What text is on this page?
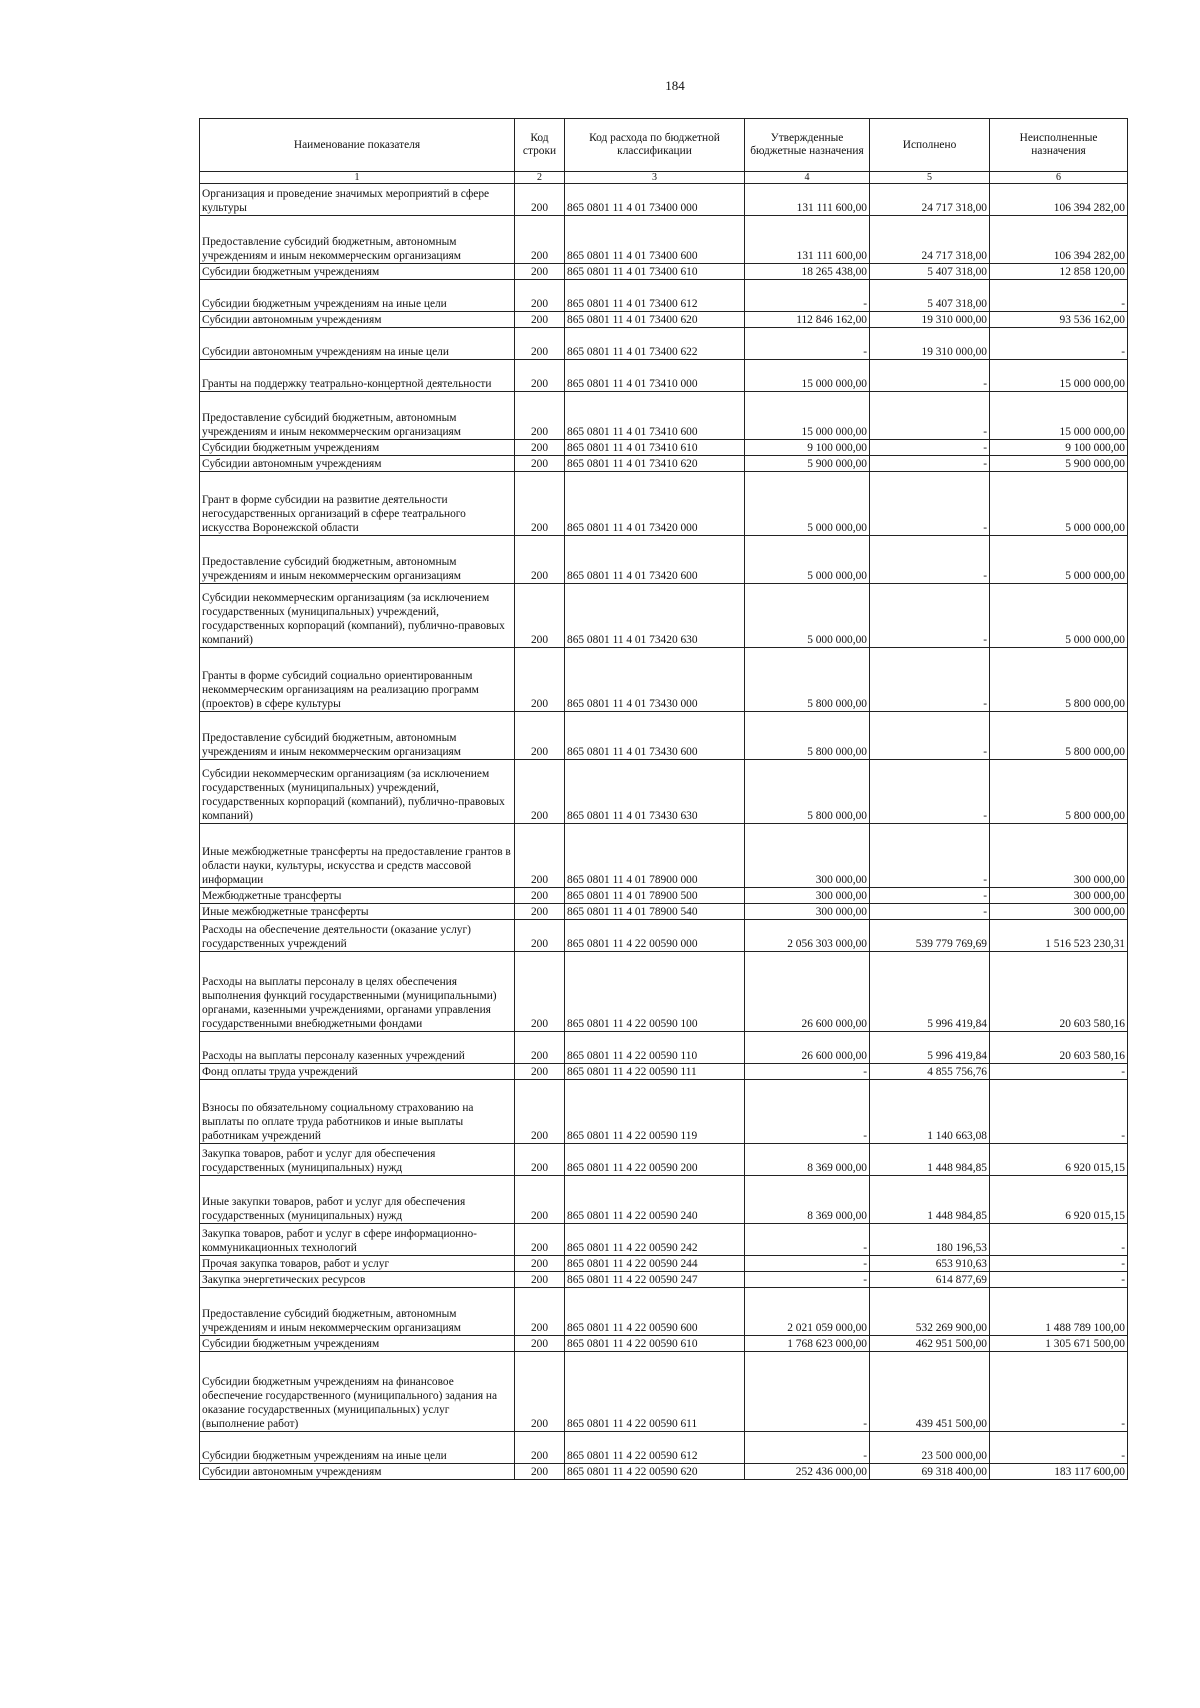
184
Наименование показателя	Код строки	Код расхода по бюджетной классификации	Утвержденные бюджетные назначения	Исполнено	Неисполненные назначения
1	2	3	4	5	6
Организация и проведение значимых мероприятий в сфере культуры	200	865 0801 11 4 01 73400 000	131 111 600,00	24 717 318,00	106 394 282,00
Предоставление субсидий бюджетным, автономным учреждениям и иным некоммерческим организациям	200	865 0801 11 4 01 73400 600	131 111 600,00	24 717 318,00	106 394 282,00
Субсидии бюджетным учреждениям	200	865 0801 11 4 01 73400 610	18 265 438,00	5 407 318,00	12 858 120,00
Субсидии бюджетным учреждениям на иные цели	200	865 0801 11 4 01 73400 612	-	5 407 318,00	-
Субсидии автономным учреждениям	200	865 0801 11 4 01 73400 620	112 846 162,00	19 310 000,00	93 536 162,00
Субсидии автономным учреждениям на иные цели	200	865 0801 11 4 01 73400 622	-	19 310 000,00	-
Гранты на поддержку театрально-концертной деятельности	200	865 0801 11 4 01 73410 000	15 000 000,00	-	15 000 000,00
Предоставление субсидий бюджетным, автономным учреждениям и иным некоммерческим организациям	200	865 0801 11 4 01 73410 600	15 000 000,00	-	15 000 000,00
Субсидии бюджетным учреждениям	200	865 0801 11 4 01 73410 610	9 100 000,00	-	9 100 000,00
Субсидии автономным учреждениям	200	865 0801 11 4 01 73410 620	5 900 000,00	-	5 900 000,00
Грант в форме субсидии на развитие деятельности негосударственных организаций в сфере театрального искусства Воронежской области	200	865 0801 11 4 01 73420 000	5 000 000,00	-	5 000 000,00
Предоставление субсидий бюджетным, автономным учреждениям и иным некоммерческим организациям	200	865 0801 11 4 01 73420 600	5 000 000,00	-	5 000 000,00
Субсидии некоммерческим организациям (за исключением государственных (муниципальных) учреждений, государственных корпораций (компаний), публично-правовых компаний)	200	865 0801 11 4 01 73420 630	5 000 000,00	-	5 000 000,00
Гранты в форме субсидий социально ориентированным некоммерческим организациям на реализацию программ (проектов) в сфере культуры	200	865 0801 11 4 01 73430 000	5 800 000,00	-	5 800 000,00
Предоставление субсидий бюджетным, автономным учреждениям и иным некоммерческим организациям	200	865 0801 11 4 01 73430 600	5 800 000,00	-	5 800 000,00
Субсидии некоммерческим организациям (за исключением государственных (муниципальных) учреждений, государственных корпораций (компаний), публично-правовых компаний)	200	865 0801 11 4 01 73430 630	5 800 000,00	-	5 800 000,00
Иные межбюджетные трансферты на предоставление грантов в области науки, культуры, искусства и средств массовой информации	200	865 0801 11 4 01 78900 000	300 000,00	-	300 000,00
Межбюджетные трансферты	200	865 0801 11 4 01 78900 500	300 000,00	-	300 000,00
Иные межбюджетные трансферты	200	865 0801 11 4 01 78900 540	300 000,00	-	300 000,00
Расходы на обеспечение деятельности (оказание услуг) государственных учреждений	200	865 0801 11 4 22 00590 000	2 056 303 000,00	539 779 769,69	1 516 523 230,31
Расходы на выплаты персоналу в целях обеспечения выполнения функций государственными (муниципальными) органами, казенными учреждениями, органами управления государственными внебюджетными фондами	200	865 0801 11 4 22 00590 100	26 600 000,00	5 996 419,84	20 603 580,16
Расходы на выплаты персоналу казенных учреждений	200	865 0801 11 4 22 00590 110	26 600 000,00	5 996 419,84	20 603 580,16
Фонд оплаты труда учреждений	200	865 0801 11 4 22 00590 111	-	4 855 756,76	-
Взносы по обязательному социальному страхованию на выплаты по оплате труда работников и иные выплаты работникам учреждений	200	865 0801 11 4 22 00590 119	-	1 140 663,08	-
Закупка товаров, работ и услуг для обеспечения государственных (муниципальных) нужд	200	865 0801 11 4 22 00590 200	8 369 000,00	1 448 984,85	6 920 015,15
Иные закупки товаров, работ и услуг для обеспечения государственных (муниципальных) нужд	200	865 0801 11 4 22 00590 240	8 369 000,00	1 448 984,85	6 920 015,15
Закупка товаров, работ и услуг в сфере информационно-коммуникационных технологий	200	865 0801 11 4 22 00590 242	-	180 196,53	-
Прочая закупка товаров, работ и услуг	200	865 0801 11 4 22 00590 244	-	653 910,63	-
Закупка энергетических ресурсов	200	865 0801 11 4 22 00590 247	-	614 877,69	-
Предоставление субсидий бюджетным, автономным учреждениям и иным некоммерческим организациям	200	865 0801 11 4 22 00590 600	2 021 059 000,00	532 269 900,00	1 488 789 100,00
Субсидии бюджетным учреждениям	200	865 0801 11 4 22 00590 610	1 768 623 000,00	462 951 500,00	1 305 671 500,00
Субсидии бюджетным учреждениям на финансовое обеспечение государственного (муниципального) задания на оказание государственных (муниципальных) услуг (выполнение работ)	200	865 0801 11 4 22 00590 611	-	439 451 500,00	-
Субсидии бюджетным учреждениям на иные цели	200	865 0801 11 4 22 00590 612	-	23 500 000,00	-
Субсидии автономным учреждениям	200	865 0801 11 4 22 00590 620	252 436 000,00	69 318 400,00	183 117 600,00
